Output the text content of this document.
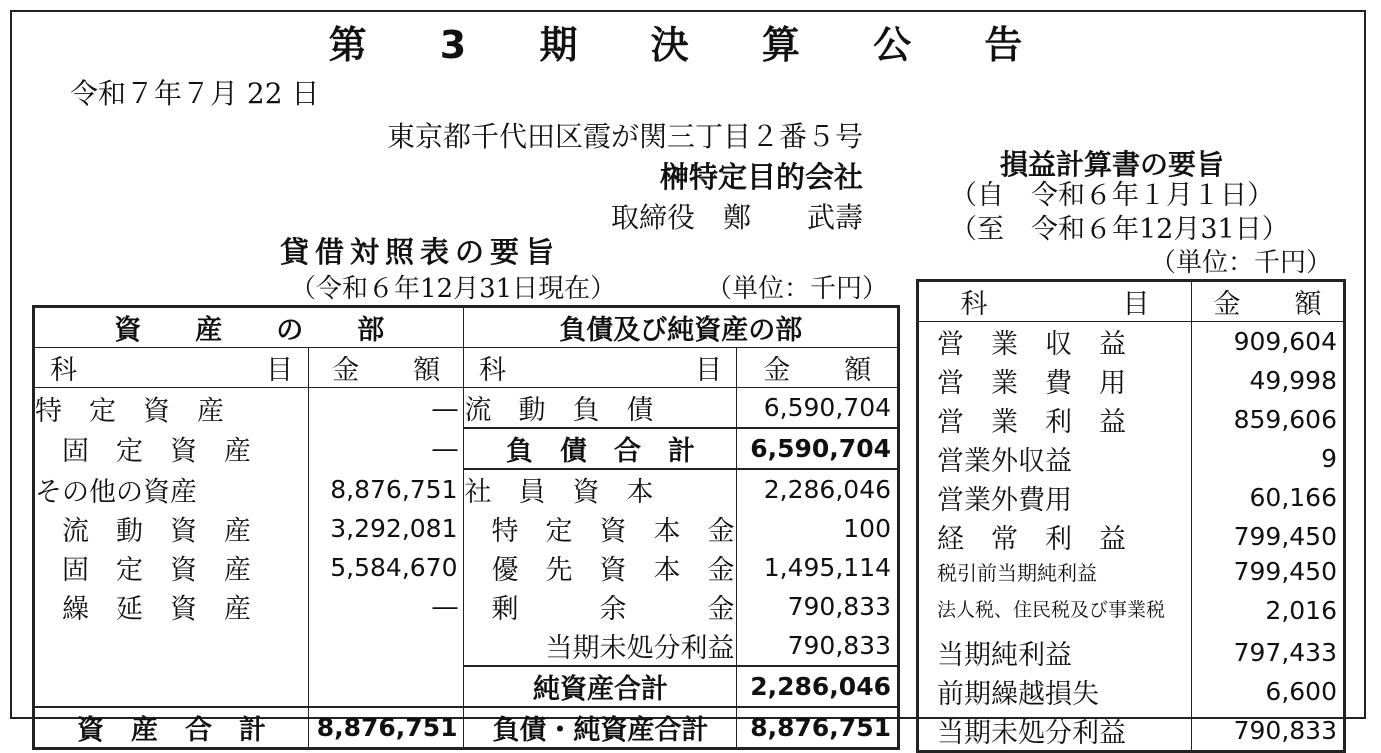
第 3 期 決 算 公 告
令和７年７月 22 日
東京都千代田区霞が関三丁目２番５号
榊特定目的会社
取締役　鄭　　武壽
貸借対照表の要旨
（令和６年12月31日現在）	（単位：千円）
資　　産　　の　　部		負債及び純資産の部	
科　　　　　　　目	金　　額	科　　　　　　　目	金　　額
特　定　資　産	―	流　動　負　債	6,590,704
　固　定　資　産	―	負　債　合　計	6,590,704
その他の資産	8,876,751	社　員　資　本	2,286,046
　流　動　資　産	3,292,081	　特　定　資　本　金	100
　固　定　資　産	5,584,670	　優　先　資　本　金	1,495,114
　繰　延　資　産	―	　剰　　　余　　　金	790,833
		　　　当期未処分利益	790,833
		純資産合計	2,286,046
資　産　合　計	8,876,751	負債・純資産合計	8,876,751
損益計算書の要旨
（自　令和６年１月１日）
（至　令和６年12月31日）
（単位：千円）
科　　　　　目	金　　額
営　業　収　益	909,604
営　業　費　用	49,998
営　業　利　益	859,606
営業外収益	9
営業外費用	60,166
経　常　利　益	799,450
税引前当期純利益	799,450
法人税、住民税及び事業税	2,016
当期純利益	797,433
前期繰越損失	6,600
当期未処分利益	790,833
